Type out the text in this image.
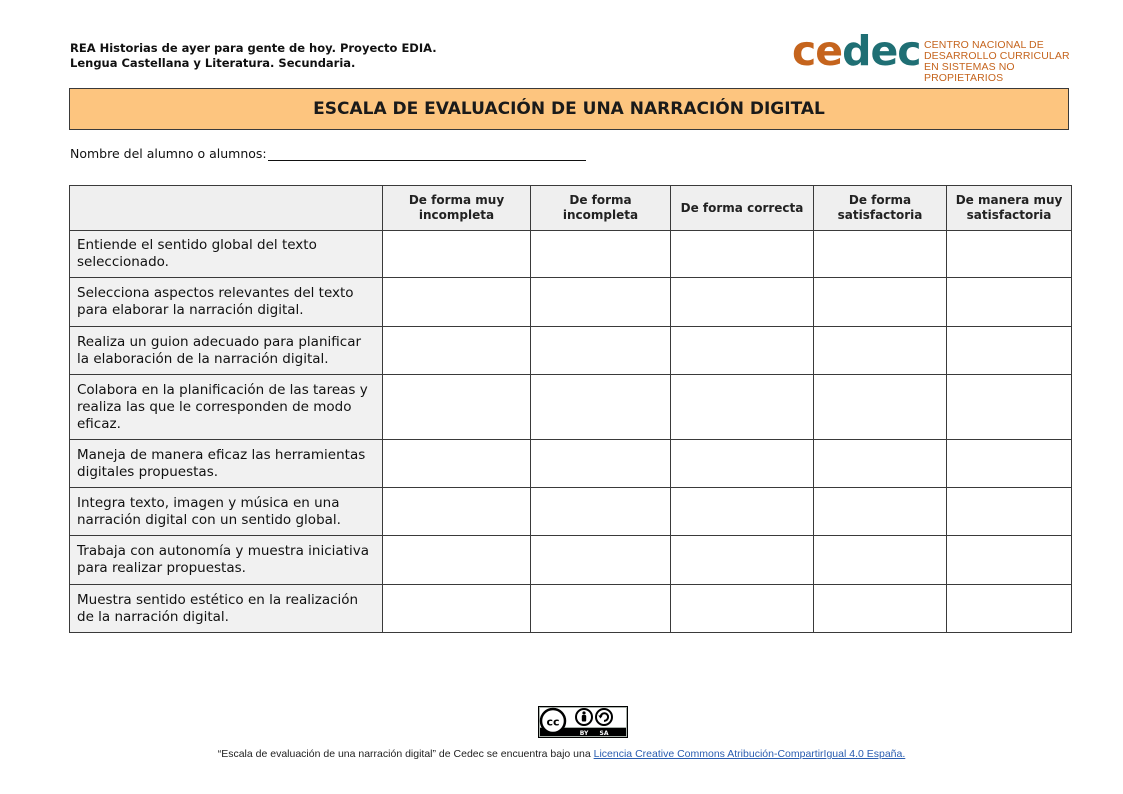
REA Historias de ayer para gente de hoy. Proyecto EDIA.
Lengua Castellana y Literatura. Secundaria.	cedec CENTRO NACIONAL DE
DESARROLLO CURRICULAR
EN SISTEMAS NO PROPIETARIOS
ESCALA DE EVALUACIÓN DE UNA NARRACIÓN DIGITAL
Nombre del alumno o alumnos:
	De forma muy incompleta	De forma incompleta	De forma correcta	De forma satisfactoria	De manera muy satisfactoria
Entiende el sentido global del texto seleccionado.					
Selecciona aspectos relevantes del texto para elaborar la narración digital.					
Realiza un guion adecuado para planificar la elaboración de la narración digital.					
Colabora en la planificación de las tareas y realiza las que le corresponden de modo eficaz.					
Maneja de manera eficaz las herramientas digitales propuestas.					
Integra texto, imagen y música en una narración digital con un sentido global.					
Trabaja con autonomía y muestra iniciativa para realizar propuestas.					
Muestra sentido estético en la realización de la narración digital.					
cc
BY SA
“Escala de evaluación de una narración digital” de Cedec se encuentra bajo una Licencia Creative Commons Atribución-CompartirIgual 4.0 España.
